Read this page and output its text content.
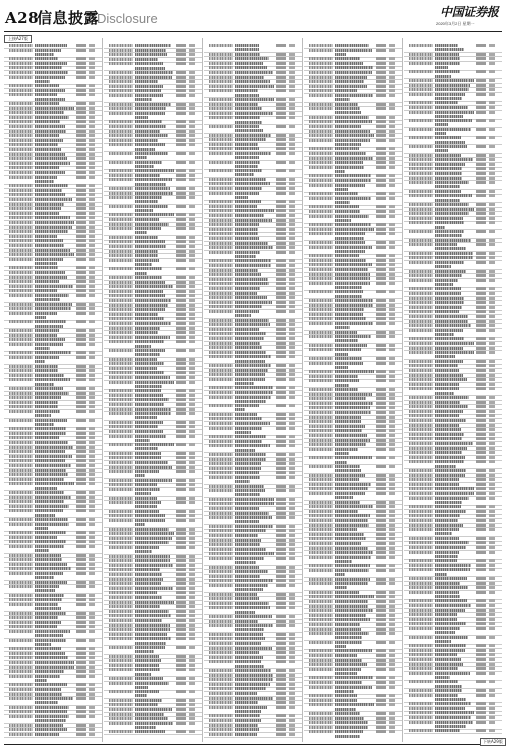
A28
信息披露
Disclosure	中国证券报
2020年3月2日 星期一
上接A27版
下转A29版
